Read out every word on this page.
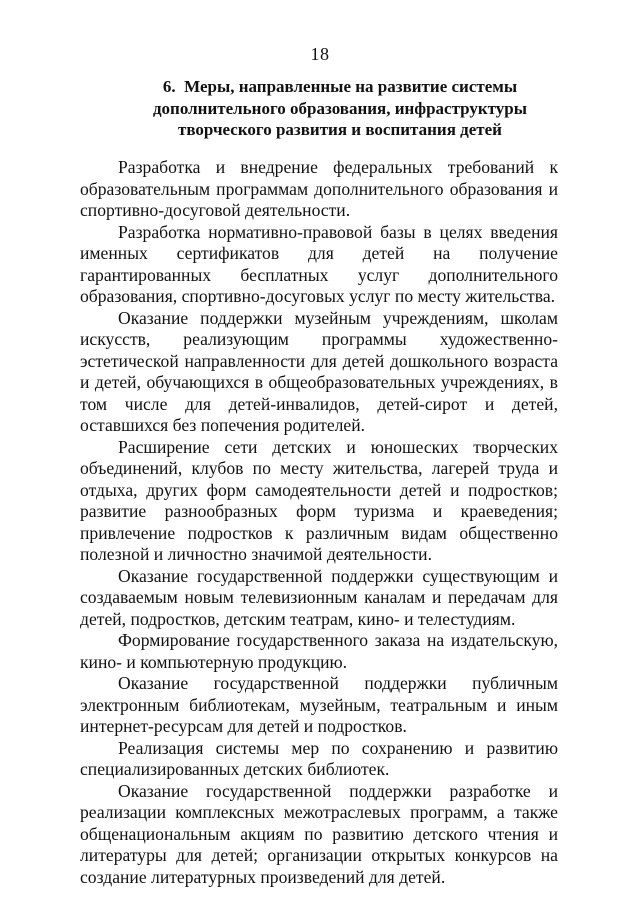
18
6.  Меры, направленные на развитие системы
дополнительного образования, инфраструктуры
творческого развития и воспитания детей

Разработка и внедрение федеральных требований к образовательным программам дополнительного образования и спортивно-досуговой деятельности.

Разработка нормативно-правовой базы в целях введения именных сертификатов для детей на получение гарантированных бесплатных услуг дополнительного образования, спортивно-досуговых услуг по месту жительства.

Оказание поддержки музейным учреждениям, школам искусств, реализующим программы художественно-эстетической направленности для детей дошкольного возраста и детей, обучающихся в общеобразовательных учреждениях, в том числе для детей-инвалидов, детей-сирот и детей, оставшихся без попечения родителей.

Расширение сети детских и юношеских творческих объединений, клубов по месту жительства, лагерей труда и отдыха, других форм самодеятельности детей и подростков; развитие разнообразных форм туризма и краеведения; привлечение подростков к различным видам общественно полезной и личностно значимой деятельности.

Оказание государственной поддержки существующим и создаваемым новым телевизионным каналам и передачам для детей, подростков, детским театрам, кино- и телестудиям.

Формирование государственного заказа на издательскую, кино- и компьютерную продукцию.

Оказание государственной поддержки публичным электронным библиотекам, музейным, театральным и иным интернет-ресурсам для детей и подростков.

Реализация системы мер по сохранению и развитию специализированных детских библиотек.

Оказание государственной поддержки разработке и реализации комплексных межотраслевых программ, а также общенациональным акциям по развитию детского чтения и литературы для детей; организации открытых конкурсов на создание литературных произведений для детей.
